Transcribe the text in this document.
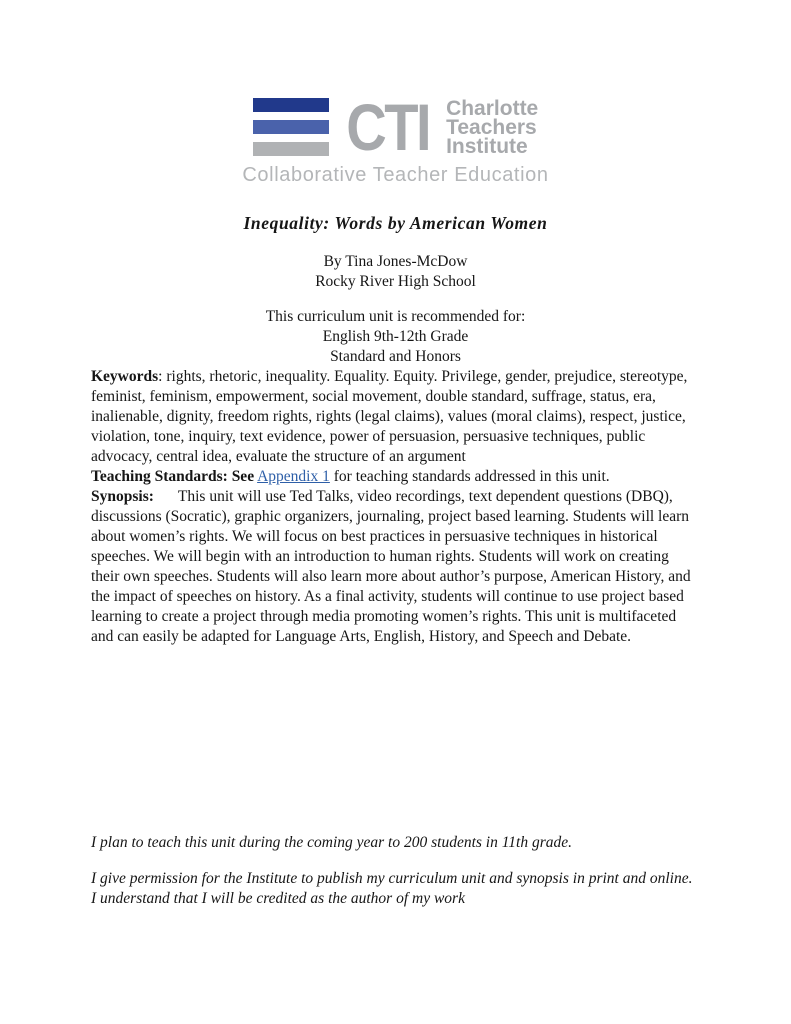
CTI Charlotte
Teachers
Institute
Collaborative Teacher Education
Inequality: Words by American Women
By Tina Jones-McDow
Rocky River High School
This curriculum unit is recommended for:
English 9th-12th Grade
Standard and Honors

Keywords: rights, rhetoric, inequality. Equality. Equity. Privilege, gender, prejudice, stereotype, feminist, feminism, empowerment, social movement, double standard, suffrage, status, era, inalienable, dignity, freedom rights, rights (legal claims), values (moral claims), respect, justice, violation, tone, inquiry, text evidence, power of persuasion, persuasive techniques, public advocacy, central idea, evaluate the structure of an argument

Teaching Standards: See Appendix 1 for teaching standards addressed in this unit.

Synopsis: This unit will use Ted Talks, video recordings, text dependent questions (DBQ), discussions (Socratic), graphic organizers, journaling, project based learning. Students will learn about women’s rights. We will focus on best practices in persuasive techniques in historical speeches. We will begin with an introduction to human rights. Students will work on creating their own speeches. Students will also learn more about author’s purpose, American History, and the impact of speeches on history. As a final activity, students will continue to use project based learning to create a project through media promoting women’s rights. This unit is multifaceted and can easily be adapted for Language Arts, English, History, and Speech and Debate.

I plan to teach this unit during the coming year to 200 students in 11th grade.
I give permission for the Institute to publish my curriculum unit and synopsis in print and online.
I understand that I will be credited as the author of my work
